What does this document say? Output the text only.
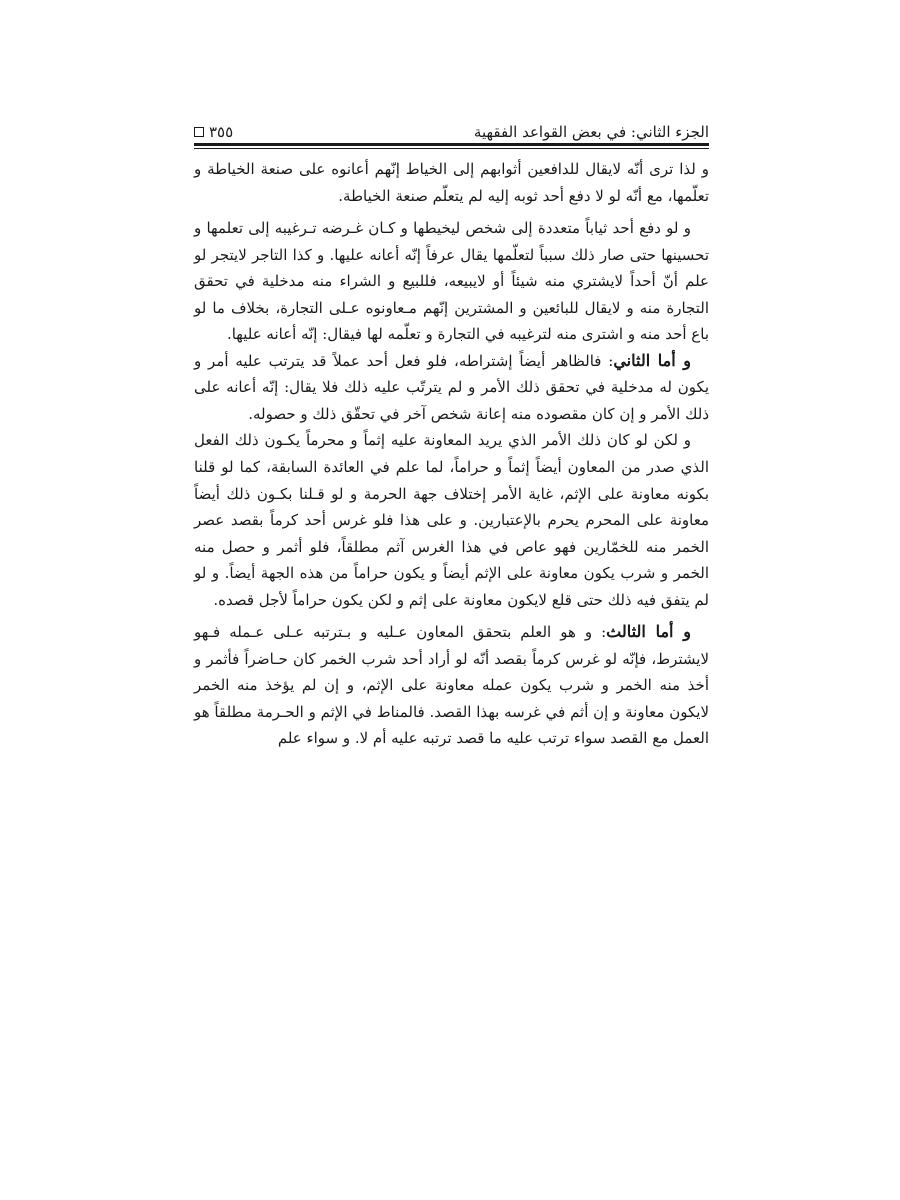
الجزء الثاني: في بعض القواعد الفقهية
٣٥٥

و لذا ترى أنّه لايقال للدافعين أثوابهم إلى الخياط إنّهم أعانوه على صنعة الخياطة و تعلّمها، مع أنّه لو لا دفع أحد ثوبه إليه لم يتعلّم صنعة الخياطة.

و لو دفع أحد ثياباً متعددة إلى شخص ليخيطها و كـان غـرضه تـرغيبه إلى تعلمها و تحسينها حتى صار ذلك سبباً لتعلّمها يقال عرفاً إنّه أعانه عليها. و كذا التاجر لايتجر لو علم أنّ أحداً لايشتري منه شيئاً أو لايبيعه، فللبيع و الشراء منه مدخلية في تحقق التجارة منه و لايقال للبائعين و المشترين إنّهم مـعاونوه عـلى التجارة، بخلاف ما لو باع أحد منه و اشترى منه لترغيبه في التجارة و تعلّمه لها فيقال: إنّه أعانه عليها.

و أما الثاني: فالظاهر أيضاً إشتراطه، فلو فعل أحد عملاً قد يترتب عليه أمر و يكون له مدخلية في تحقق ذلك الأمر و لم يترتّب عليه ذلك فلا يقال: إنّه أعانه على ذلك الأمر و إن كان مقصوده منه إعانة شخص آخر في تحقّق ذلك و حصوله.

و لكن لو كان ذلك الأمر الذي يريد المعاونة عليه إثماً و محرماً يكـون ذلك الفعل الذي صدر من المعاون أيضاً إثماً و حراماً، لما علم في العائدة السابقة، كما لو قلنا بكونه معاونة على الإثم، غاية الأمر إختلاف جهة الحرمة و لو قـلنا بكـون ذلك أيضاً معاونة على المحرم يحرم بالإعتبارين. و على هذا فلو غرس أحد كرماً بقصد عصر الخمر منه للخمّارين فهو عاص في هذا الغرس آثم مطلقاً، فلو أثمر و حصل منه الخمر و شرب يكون معاونة على الإثم أيضاً و يكون حراماً من هذه الجهة أيضاً. و لو لم يتفق فيه ذلك حتى قلع لايكون معاونة على إثم و لكن يكون حراماً لأجل قصده.

و أما الثالث: و هو العلم بتحقق المعاون عـليه و بـترتبه عـلى عـمله فـهو لايشترط، فإنّه لو غرس كرماً بقصد أنّه لو أراد أحد شرب الخمر كان حـاضراً فأثمر و أخذ منه الخمر و شرب يكون عمله معاونة على الإثم، و إن لم يؤخذ منه الخمر لايكون معاونة و إن أثم في غرسه بهذا القصد. فالمناط في الإثم و الحـرمة مطلقاً هو العمل مع القصد سواء ترتب عليه ما قصد ترتبه عليه أم لا. و سواء علم
